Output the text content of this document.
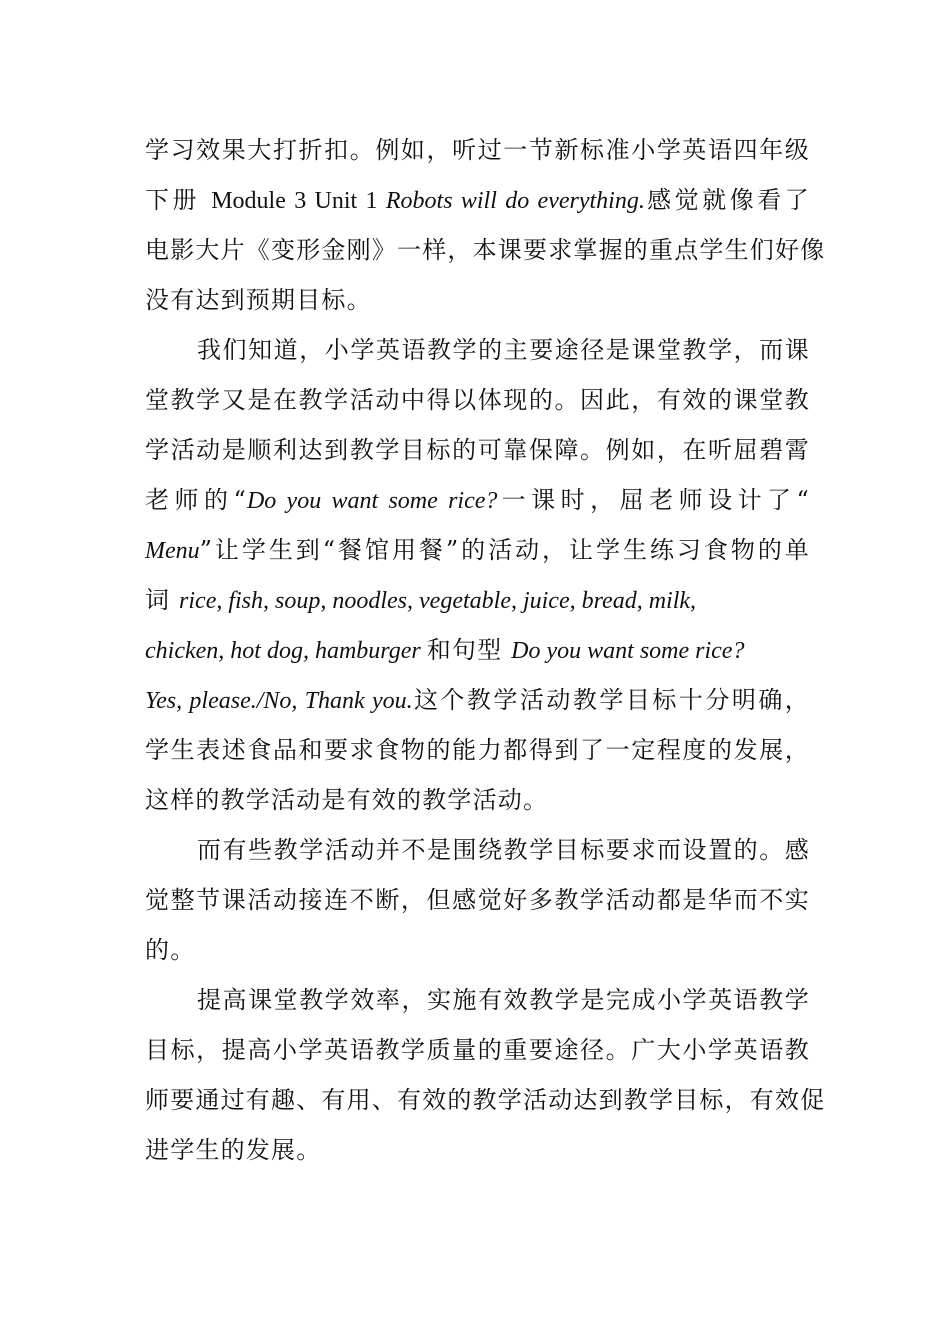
学习效果大打折扣。例如，听过一节新标准小学英语四年级
下册 Module 3 Unit 1 Robots will do everything.感觉就像看了
电影大片《变形金刚》一样，本课要求掌握的重点学生们好像
没有达到预期目标。
我们知道，小学英语教学的主要途径是课堂教学，而课
堂教学又是在教学活动中得以体现的。因此，有效的课堂教
学活动是顺利达到教学目标的可靠保障。例如，在听屈碧霄
老师的“Do you want some rice?一课时，屈老师设计了“
Menu”让学生到“餐馆用餐”的活动，让学生练习食物的单
词 rice, fish, soup, noodles, vegetable, juice, bread, milk,
chicken, hot dog, hamburger 和句型 Do you want some rice?
Yes, please./No, Thank you.这个教学活动教学目标十分明确，
学生表述食品和要求食物的能力都得到了一定程度的发展，
这样的教学活动是有效的教学活动。
而有些教学活动并不是围绕教学目标要求而设置的。感
觉整节课活动接连不断，但感觉好多教学活动都是华而不实
的。
提高课堂教学效率，实施有效教学是完成小学英语教学
目标，提高小学英语教学质量的重要途径。广大小学英语教
师要通过有趣、有用、有效的教学活动达到教学目标，有效促
进学生的发展。
